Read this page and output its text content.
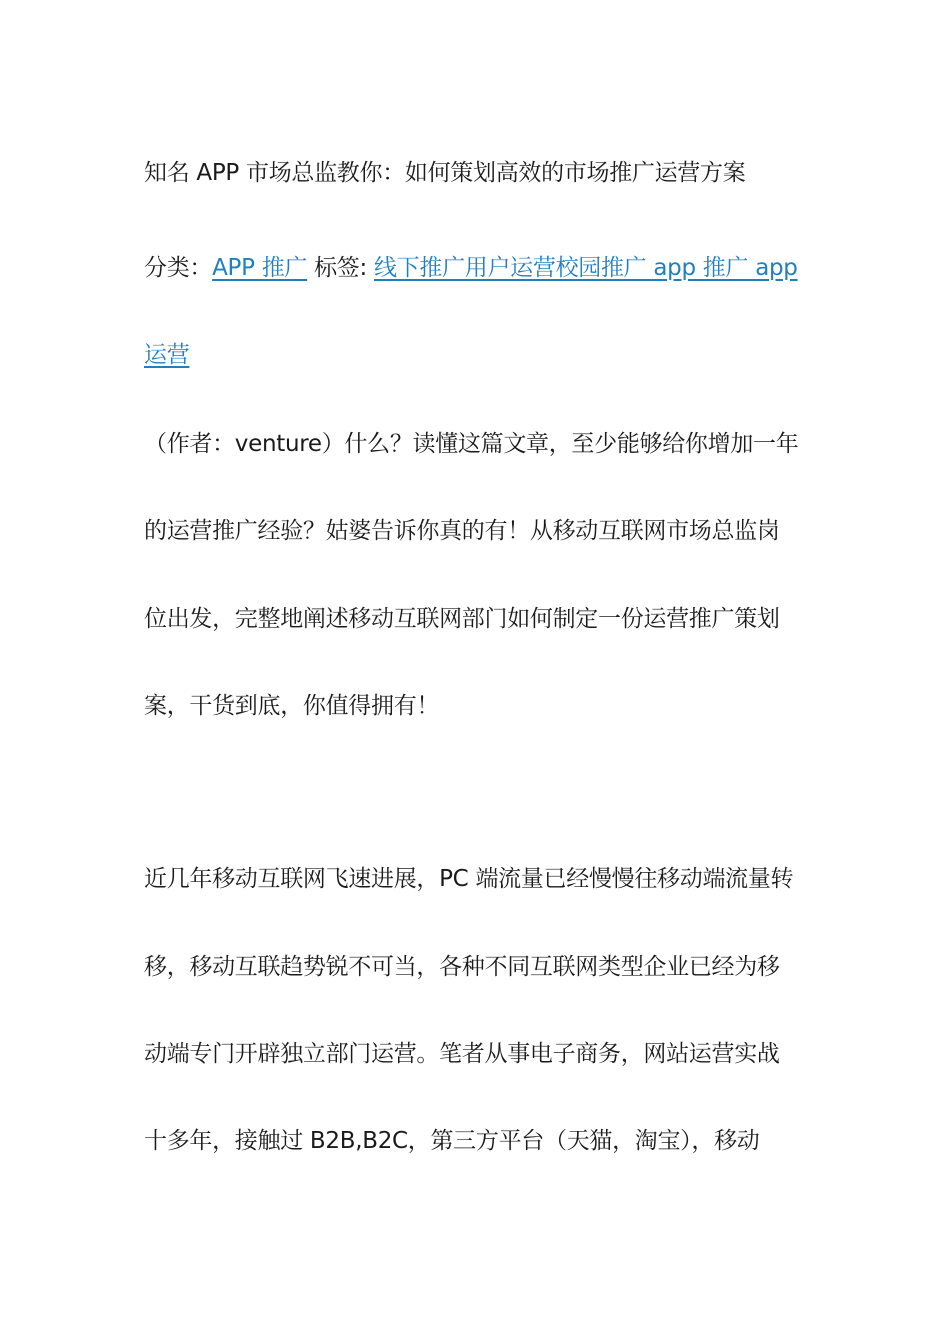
知名 APP 市场总监教你：如何策划高效的市场推广运营方案
分类：APP 推广 标签: 线下推广用户运营校园推广 app 推广 app
运营
（作者：venture）什么？读懂这篇文章，至少能够给你增加一年
的运营推广经验？姑婆告诉你真的有！从移动互联网市场总监岗
位出发，完整地阐述移动互联网部门如何制定一份运营推广策划
案，干货到底，你值得拥有！
近几年移动互联网飞速进展，PC 端流量已经慢慢往移动端流量转
移，移动互联趋势锐不可当，各种不同互联网类型企业已经为移
动端专门开辟独立部门运营。笔者从事电子商务，网站运营实战
十多年，接触过 B2B,B2C，第三方平台（天猫，淘宝），移动
